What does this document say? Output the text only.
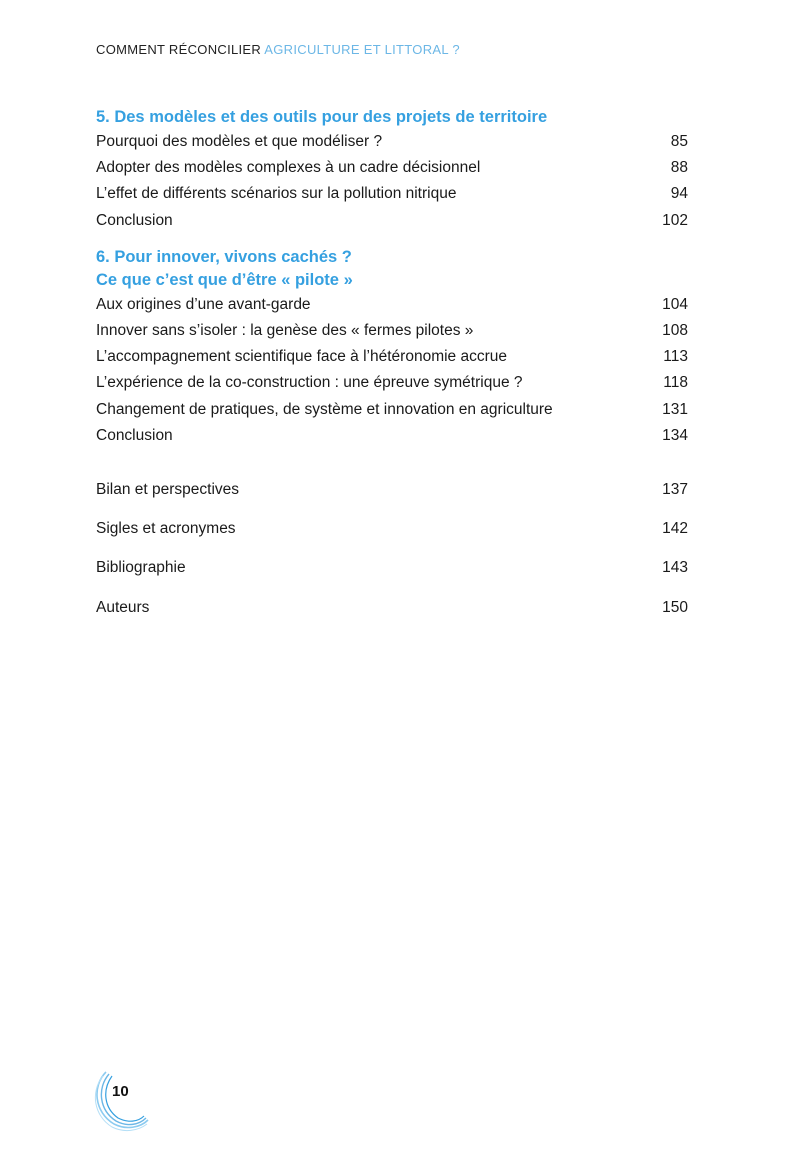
COMMENT RÉCONCILIER AGRICULTURE ET LITTORAL ?
5. Des modèles et des outils pour des projets de territoire
Pourquoi des modèles et que modéliser ?	85
Adopter des modèles complexes à un cadre décisionnel	88
L’effet de différents scénarios sur la pollution nitrique	94
Conclusion	102
6. Pour innover, vivons cachés ?
Ce que c’est que d’être « pilote »
Aux origines d’une avant-garde	104
Innover sans s’isoler : la genèse des « fermes pilotes »	108
L’accompagnement scientifique face à l’hétéronomie accrue	113
L’expérience de la co-construction : une épreuve symétrique ?	118
Changement de pratiques, de système et innovation en agriculture	131
Conclusion	134
Bilan et perspectives	137
Sigles et acronymes	142
Bibliographie	143
Auteurs	150
10
